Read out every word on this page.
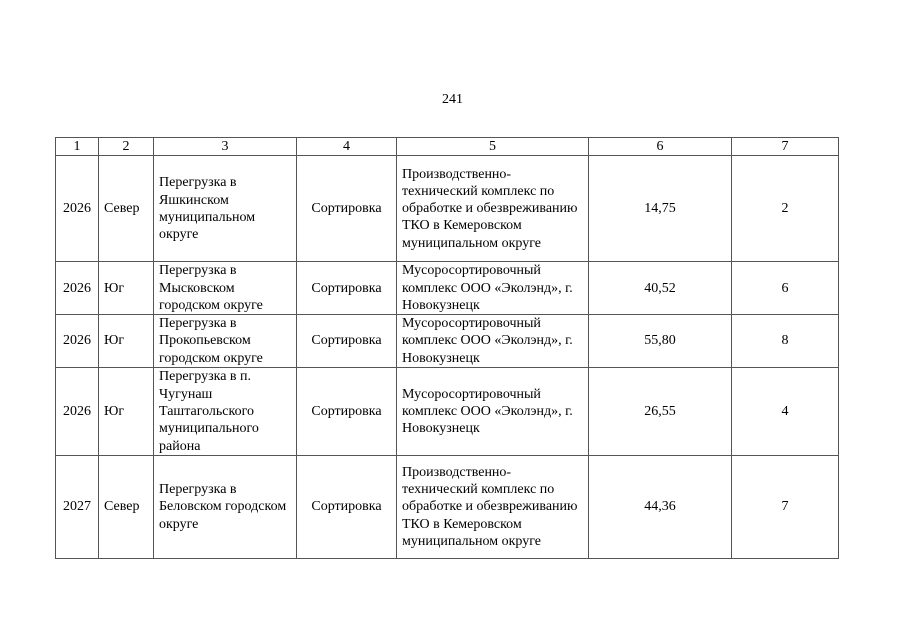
241
1	2	3	4	5	6	7
2026	Север	Перегрузка в Яшкинском муниципальном округе	Сортировка	Производственно-технический комплекс по обработке и обезвреживанию ТКО в Кемеровском муниципальном округе	14,75	2
2026	Юг	Перегрузка в Мысковском городском округе	Сортировка	Мусоросортировочный комплекс ООО «Эколэнд», г. Новокузнецк	40,52	6
2026	Юг	Перегрузка в Прокопьевском городском округе	Сортировка	Мусоросортировочный комплекс ООО «Эколэнд», г. Новокузнецк	55,80	8
2026	Юг	Перегрузка в п. Чугунаш Таштагольского муниципального района	Сортировка	Мусоросортировочный комплекс ООО «Эколэнд», г. Новокузнецк	26,55	4
2027	Север	Перегрузка в Беловском городском округе	Сортировка	Производственно-технический комплекс по обработке и обезвреживанию ТКО в Кемеровском муниципальном округе	44,36	7
